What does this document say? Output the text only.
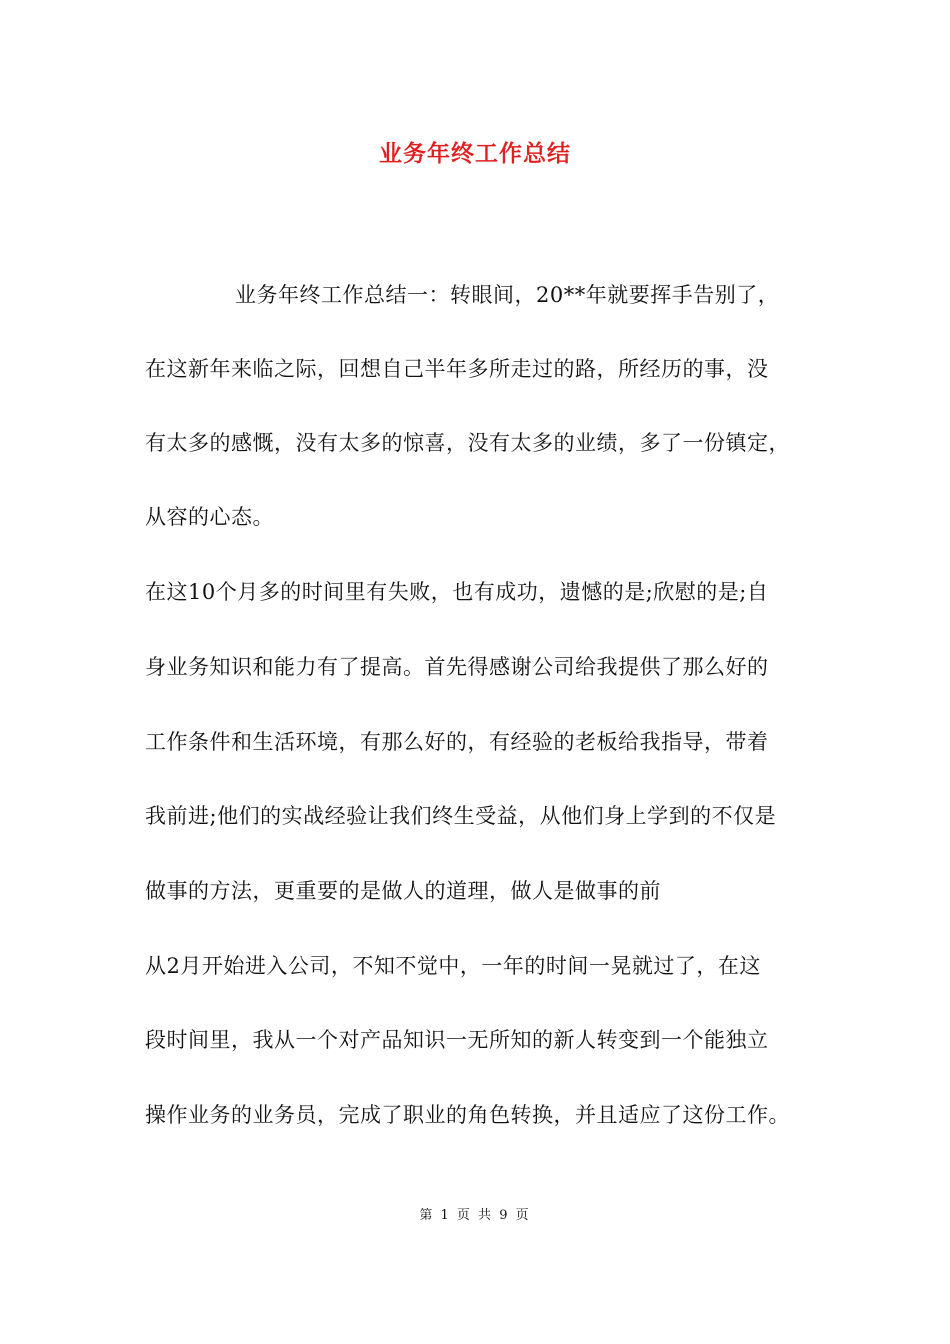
业务年终工作总结
业务年终工作总结一：转眼间，20**年就要挥手告别了，
在这新年来临之际，回想自己半年多所走过的路，所经历的事，没
有太多的感慨，没有太多的惊喜，没有太多的业绩，多了一份镇定，
从容的心态。
在这10个月多的时间里有失败，也有成功，遗憾的是;欣慰的是;自
身业务知识和能力有了提高。首先得感谢公司给我提供了那么好的
工作条件和生活环境，有那么好的，有经验的老板给我指导，带着
我前进;他们的实战经验让我们终生受益，从他们身上学到的不仅是
做事的方法，更重要的是做人的道理，做人是做事的前
从2月开始进入公司，不知不觉中，一年的时间一晃就过了，在这
段时间里，我从一个对产品知识一无所知的新人转变到一个能独立
操作业务的业务员，完成了职业的角色转换，并且适应了这份工作。
第 1 页 共 9 页
